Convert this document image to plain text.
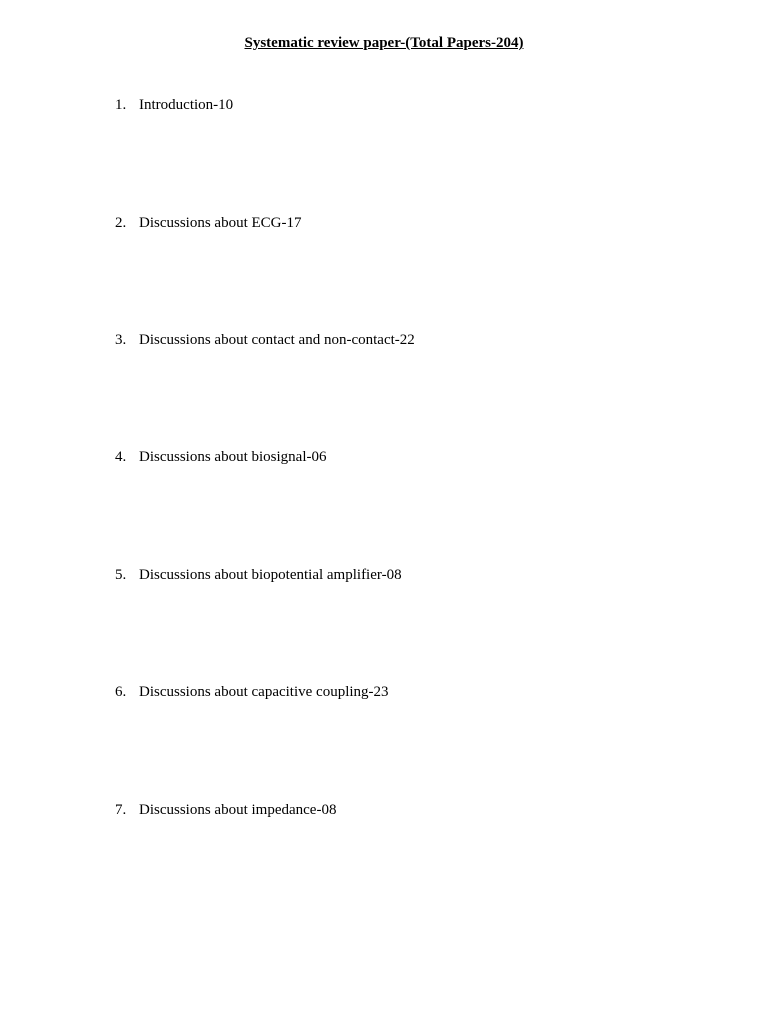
Systematic review paper-(Total Papers-204)
1. Introduction-10
2. Discussions about ECG-17
3. Discussions about contact and non-contact-22
4. Discussions about biosignal-06
5. Discussions about biopotential amplifier-08
6. Discussions about capacitive coupling-23
7. Discussions about impedance-08
